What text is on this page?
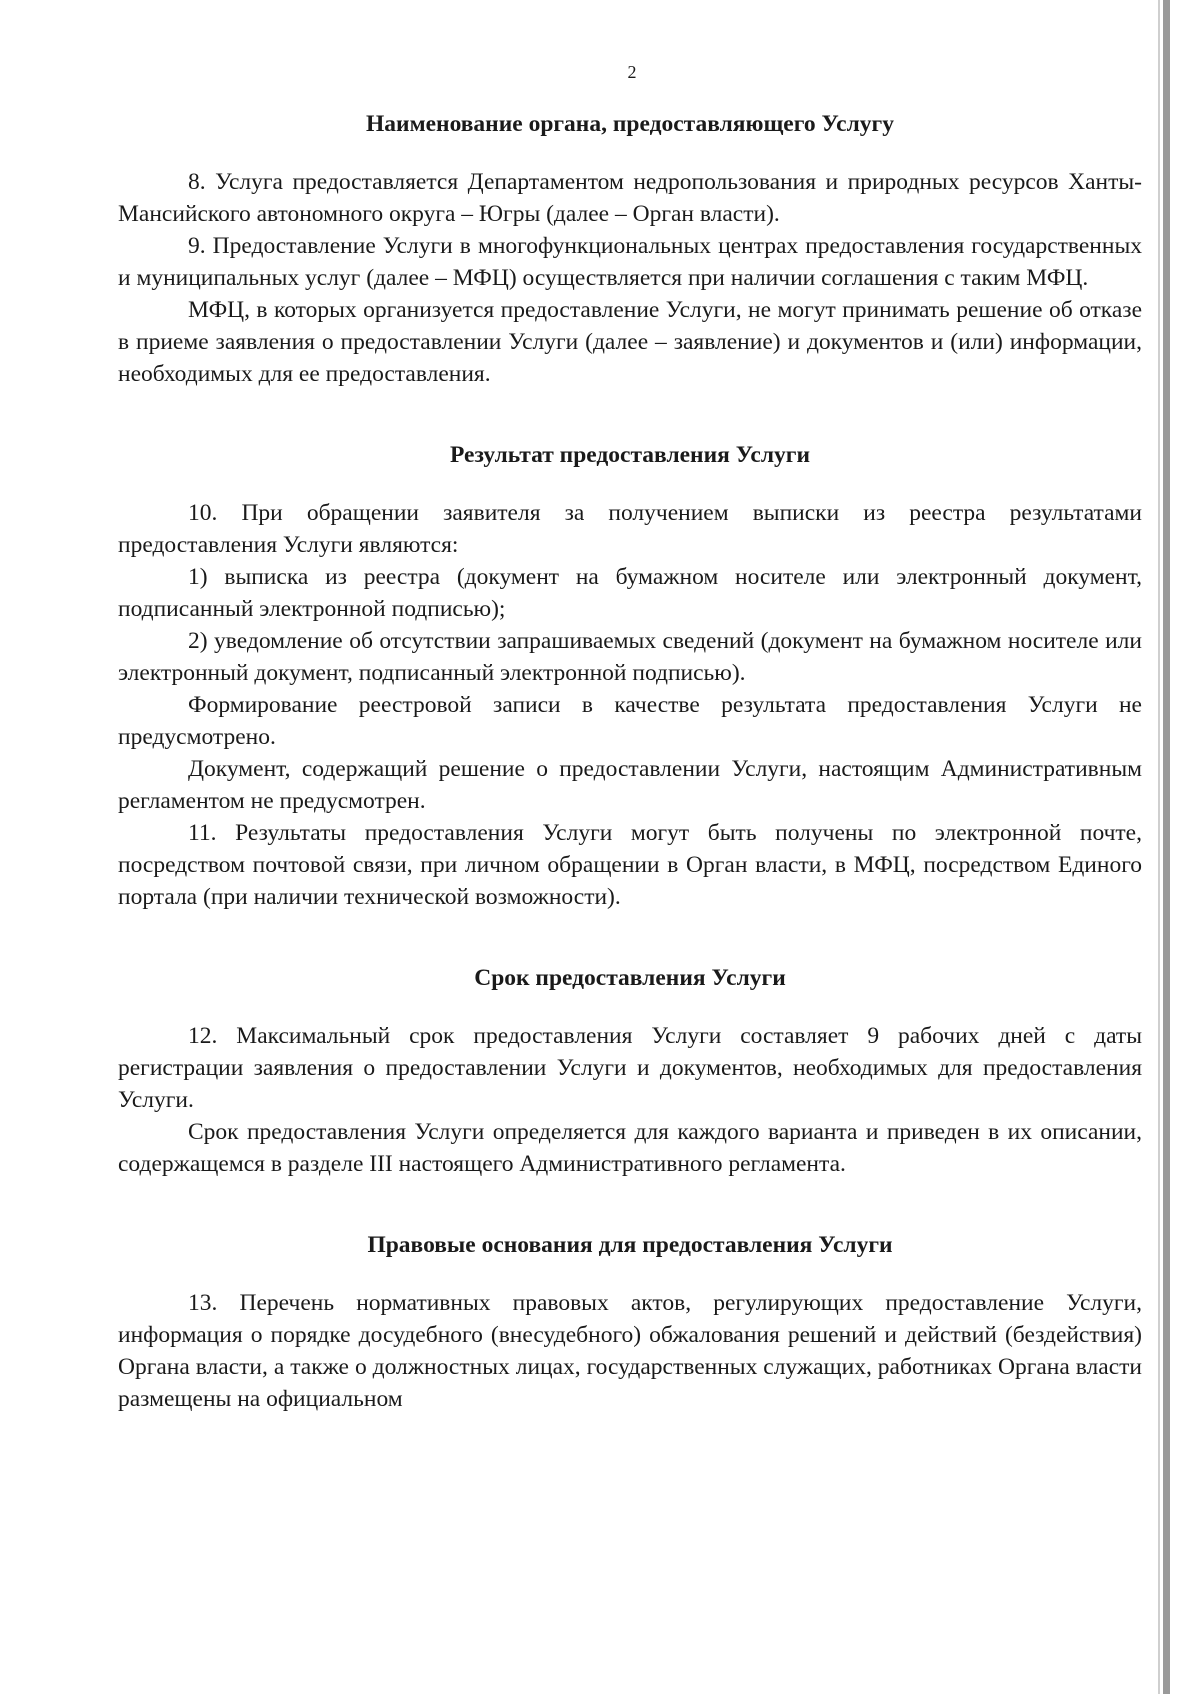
2
Наименование органа, предоставляющего Услугу

8. Услуга предоставляется Департаментом недропользования и природных ресурсов Ханты-Мансийского автономного округа – Югры (далее – Орган власти).

9. Предоставление Услуги в многофункциональных центрах предоставления государственных и муниципальных услуг (далее – МФЦ) осуществляется при наличии соглашения с таким МФЦ.

МФЦ, в которых организуется предоставление Услуги, не могут принимать решение об отказе в приеме заявления о предоставлении Услуги (далее – заявление) и документов и (или) информации, необходимых для ее предоставления.

Результат предоставления Услуги

10. При обращении заявителя за получением выписки из реестра результатами предоставления Услуги являются:

1) выписка из реестра (документ на бумажном носителе или электронный документ, подписанный электронной подписью);

2) уведомление об отсутствии запрашиваемых сведений (документ на бумажном носителе или электронный документ, подписанный электронной подписью).

Формирование реестровой записи в качестве результата предоставления Услуги не предусмотрено.

Документ, содержащий решение о предоставлении Услуги, настоящим Административным регламентом не предусмотрен.

11. Результаты предоставления Услуги могут быть получены по электронной почте, посредством почтовой связи, при личном обращении в Орган власти, в МФЦ, посредством Единого портала (при наличии технической возможности).

Срок предоставления Услуги

12. Максимальный срок предоставления Услуги составляет 9 рабочих дней с даты регистрации заявления о предоставлении Услуги и документов, необходимых для предоставления Услуги.

Срок предоставления Услуги определяется для каждого варианта и приведен в их описании, содержащемся в разделе III настоящего Административного регламента.

Правовые основания для предоставления Услуги

13. Перечень нормативных правовых актов, регулирующих предоставление Услуги, информация о порядке досудебного (внесудебного) обжалования решений и действий (бездействия) Органа власти, а также о должностных лицах, государственных служащих, работниках Органа власти размещены на официальном
